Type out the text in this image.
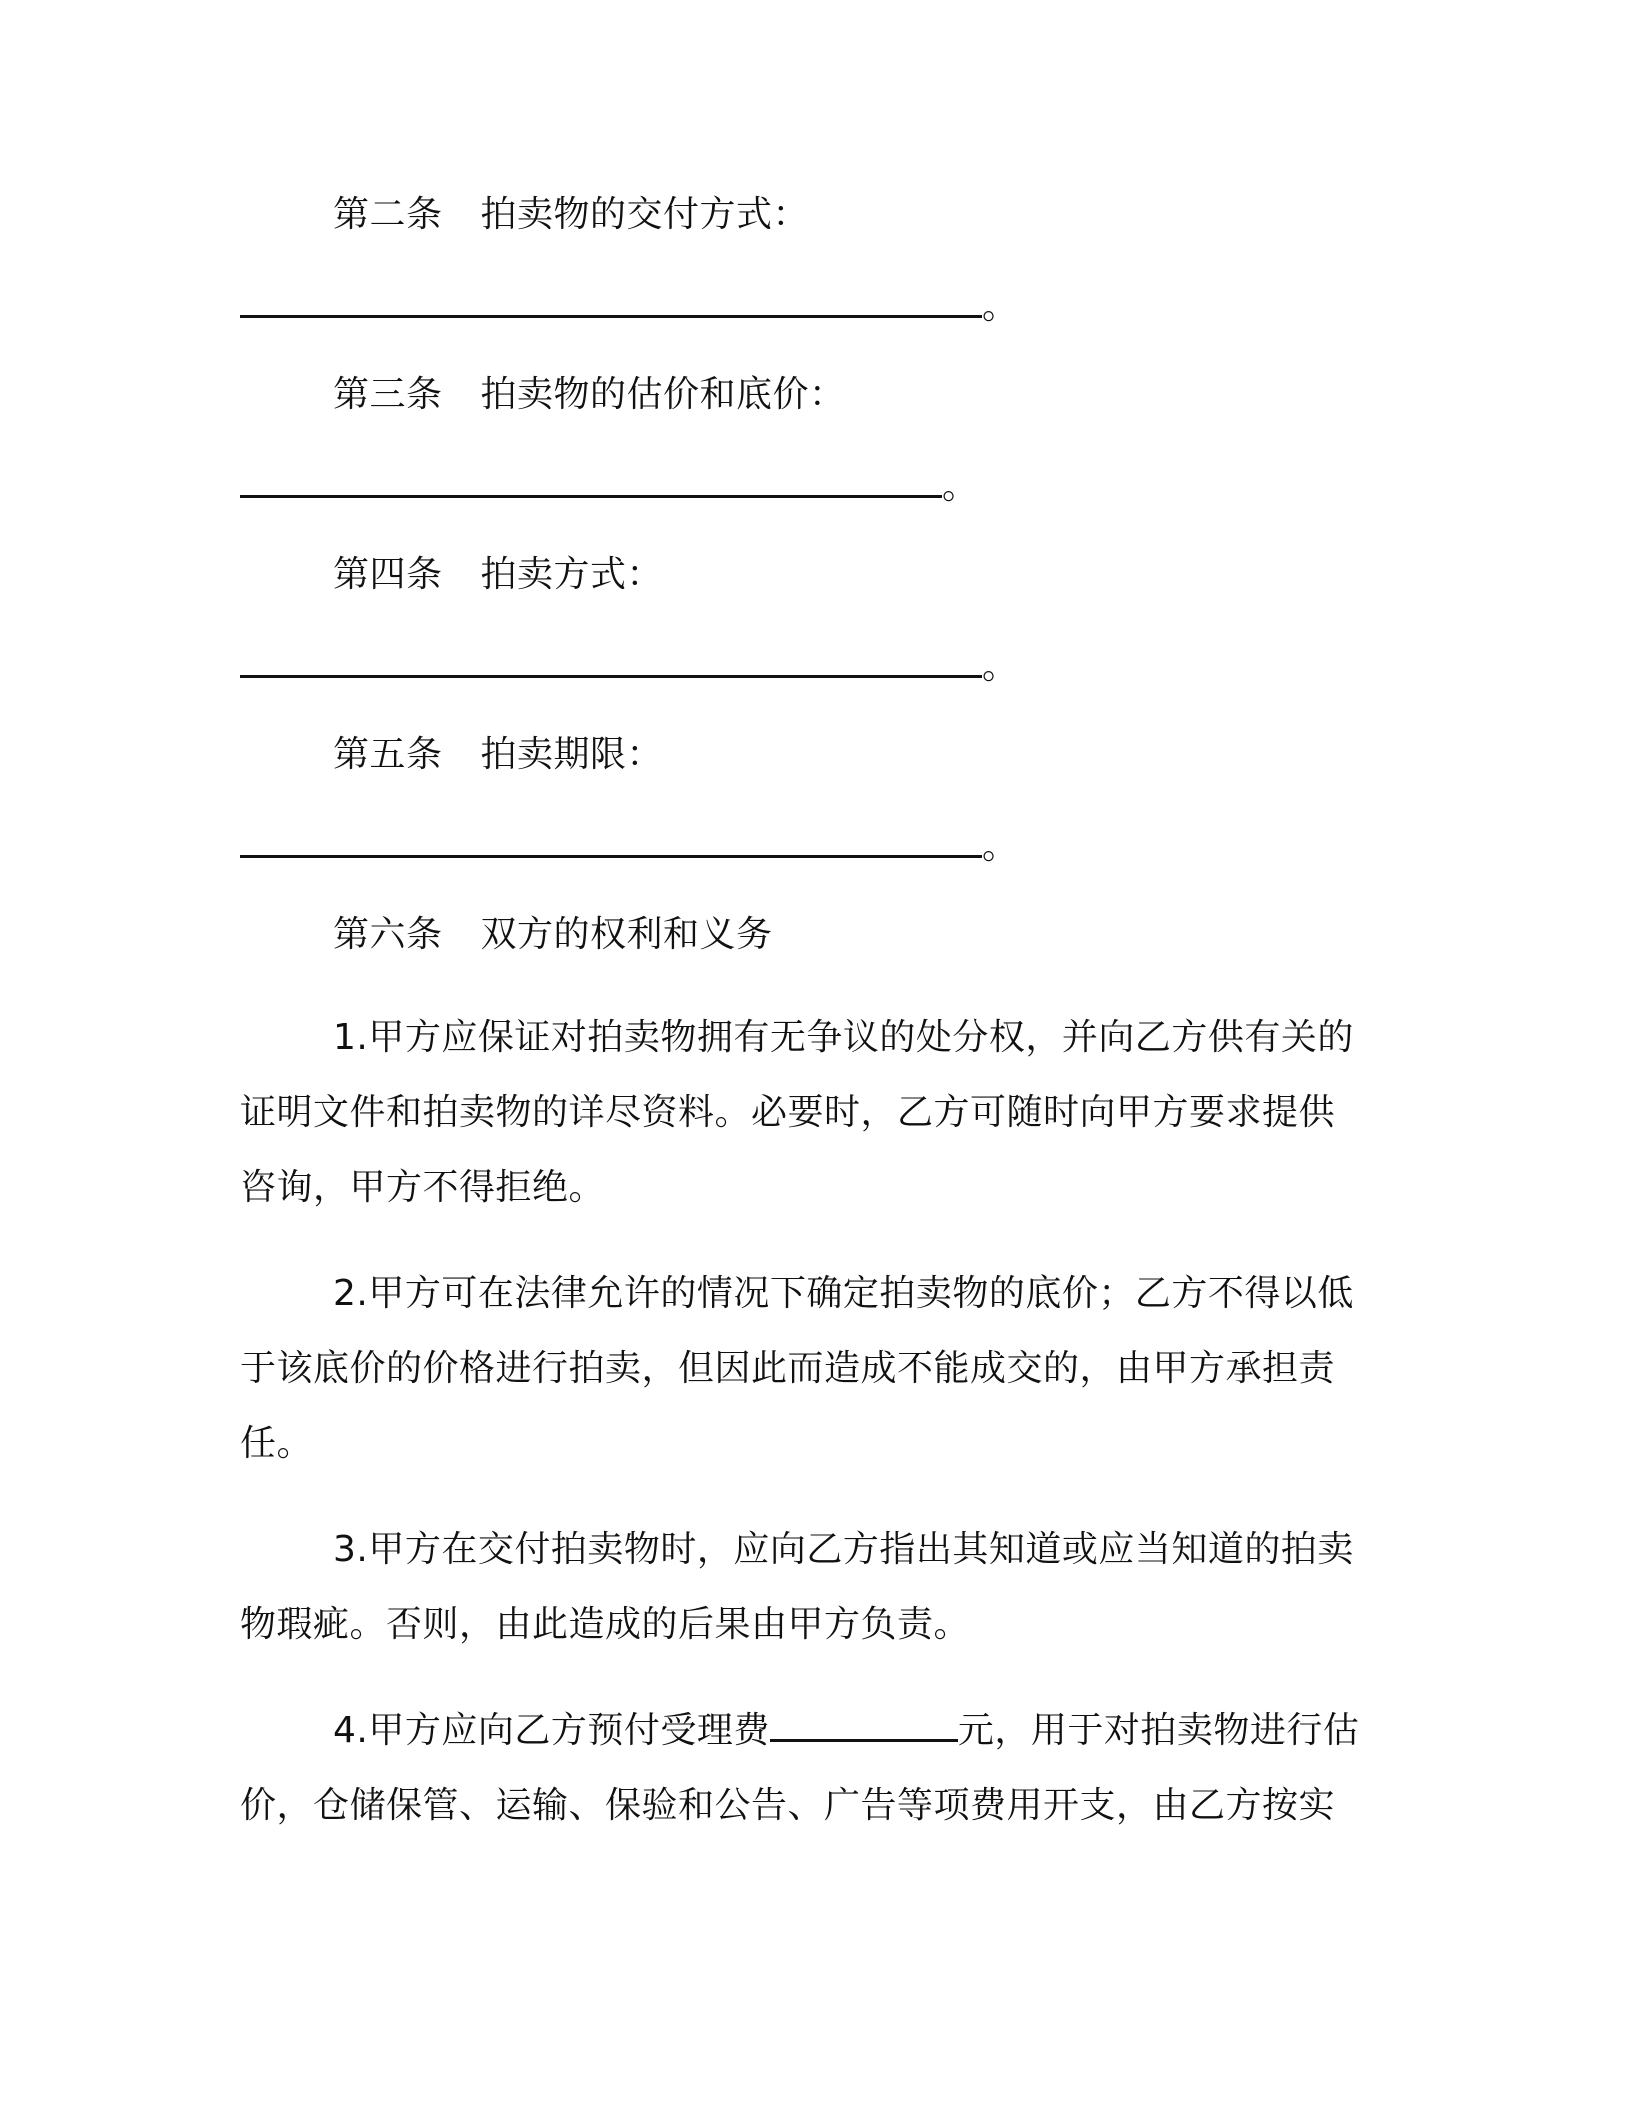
第二条 拍卖物的交付方式：

。

第三条 拍卖物的估价和底价：

。

第四条 拍卖方式：

。

第五条 拍卖期限：

。

第六条 双方的权利和义务

1.甲方应保证对拍卖物拥有无争议的处分权，并向乙方供有关的

证明文件和拍卖物的详尽资料。必要时，乙方可随时向甲方要求提供

咨询，甲方不得拒绝。

2.甲方可在法律允许的情况下确定拍卖物的底价；乙方不得以低

于该底价的价格进行拍卖，但因此而造成不能成交的，由甲方承担责

任。

3.甲方在交付拍卖物时，应向乙方指出其知道或应当知道的拍卖

物瑕疵。否则，由此造成的后果由甲方负责。

4.甲方应向乙方预付受理费	元，用于对拍卖物进行估

价，仓储保管、运输、保验和公告、广告等项费用开支，由乙方按实
